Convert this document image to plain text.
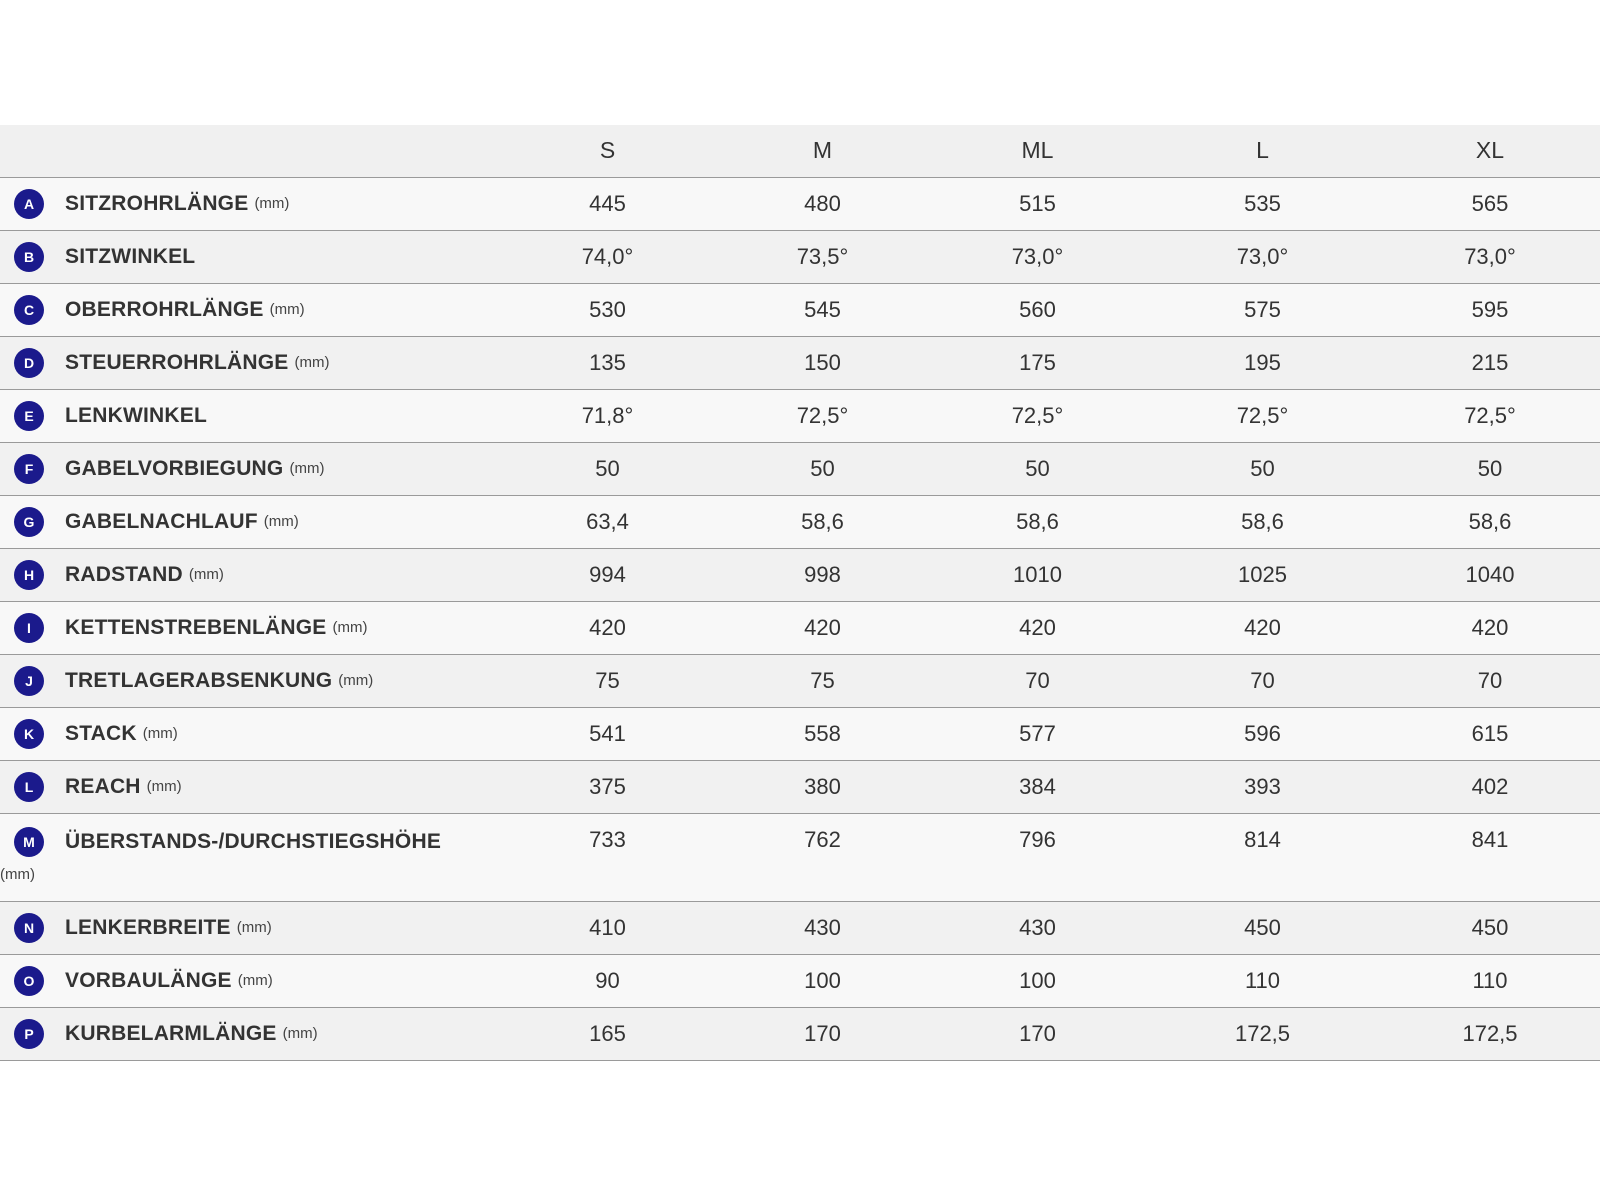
	S	M	ML	L	XL

A SITZROHRLÄNGE (mm)	445	480	515	535	565

B SITZWINKEL	74,0°	73,5°	73,0°	73,0°	73,0°

C OBERROHRLÄNGE (mm)	530	545	560	575	595

D STEUERROHRLÄNGE (mm)	135	150	175	195	215

E LENKWINKEL	71,8°	72,5°	72,5°	72,5°	72,5°

F GABELVORBIEGUNG (mm)	50	50	50	50	50

G GABELNACHLAUF (mm)	63,4	58,6	58,6	58,6	58,6

H RADSTAND (mm)	994	998	1010	1025	1040

I KETTENSTREBENLÄNGE (mm)	420	420	420	420	420

J TRETLAGERABSENKUNG (mm)	75	75	70	70	70

K STACK (mm)	541	558	577	596	615

L REACH (mm)	375	380	384	393	402

M ÜBERSTANDS-/DURCHSTIEGSHÖHE
(mm)	733	762	796	814	841

N LENKERBREITE (mm)	410	430	430	450	450

O VORBAULÄNGE (mm)	90	100	100	110	110

P KURBELARMLÄNGE (mm)	165	170	170	172,5	172,5
